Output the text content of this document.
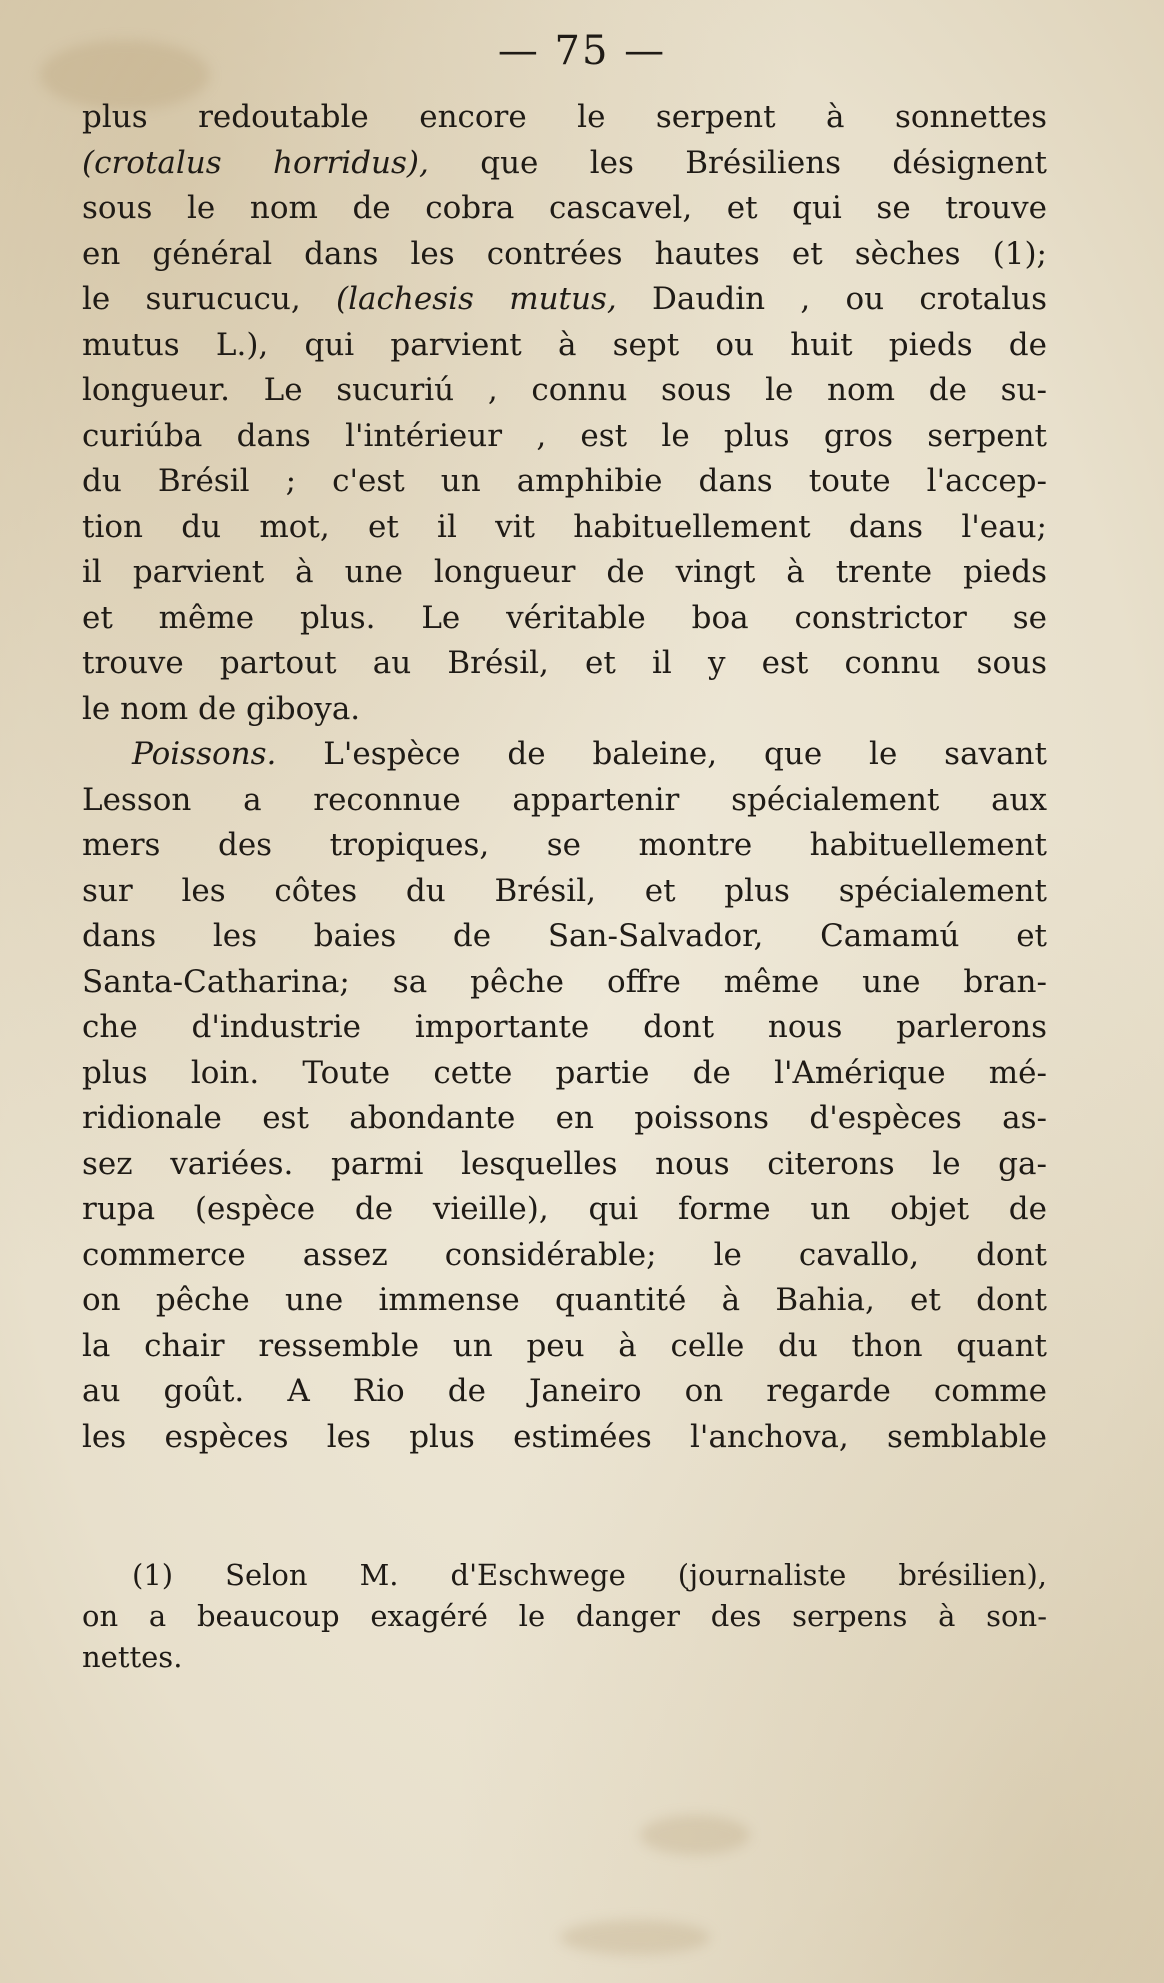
— 75 —
plus redoutable encore le serpent à sonnettes
(crotalus horridus), que les Brésiliens désignent
sous le nom de cobra cascavel, et qui se trouve
en général dans les contrées hautes et sèches (1);
le surucucu, (lachesis mutus, Daudin , ou crotalus
mutus L.), qui parvient à sept ou huit pieds de
longueur. Le sucuriú , connu sous le nom de su-
curiúba dans l'intérieur , est le plus gros serpent
du Brésil ; c'est un amphibie dans toute l'accep-
tion du mot, et il vit habituellement dans l'eau;
il parvient à une longueur de vingt à trente pieds
et même plus. Le véritable boa constrictor se
trouve partout au Brésil, et il y est connu sous
le nom de giboya.
Poissons. L'espèce de baleine, que le savant
Lesson a reconnue appartenir spécialement aux
mers des tropiques, se montre habituellement
sur les côtes du Brésil, et plus spécialement
dans les baies de San-Salvador, Camamú et
Santa-Catharina; sa pêche offre même une bran-
che d'industrie importante dont nous parlerons
plus loin. Toute cette partie de l'Amérique mé-
ridionale est abondante en poissons d'espèces as-
sez variées. parmi lesquelles nous citerons le ga-
rupa (espèce de vieille), qui forme un objet de
commerce assez considérable; le cavallo, dont
on pêche une immense quantité à Bahia, et dont
la chair ressemble un peu à celle du thon quant
au goût. A Rio de Janeiro on regarde comme
les espèces les plus estimées l'anchova, semblable
(1) Selon M. d'Eschwege (journaliste brésilien),
on a beaucoup exagéré le danger des serpens à son-
nettes.
